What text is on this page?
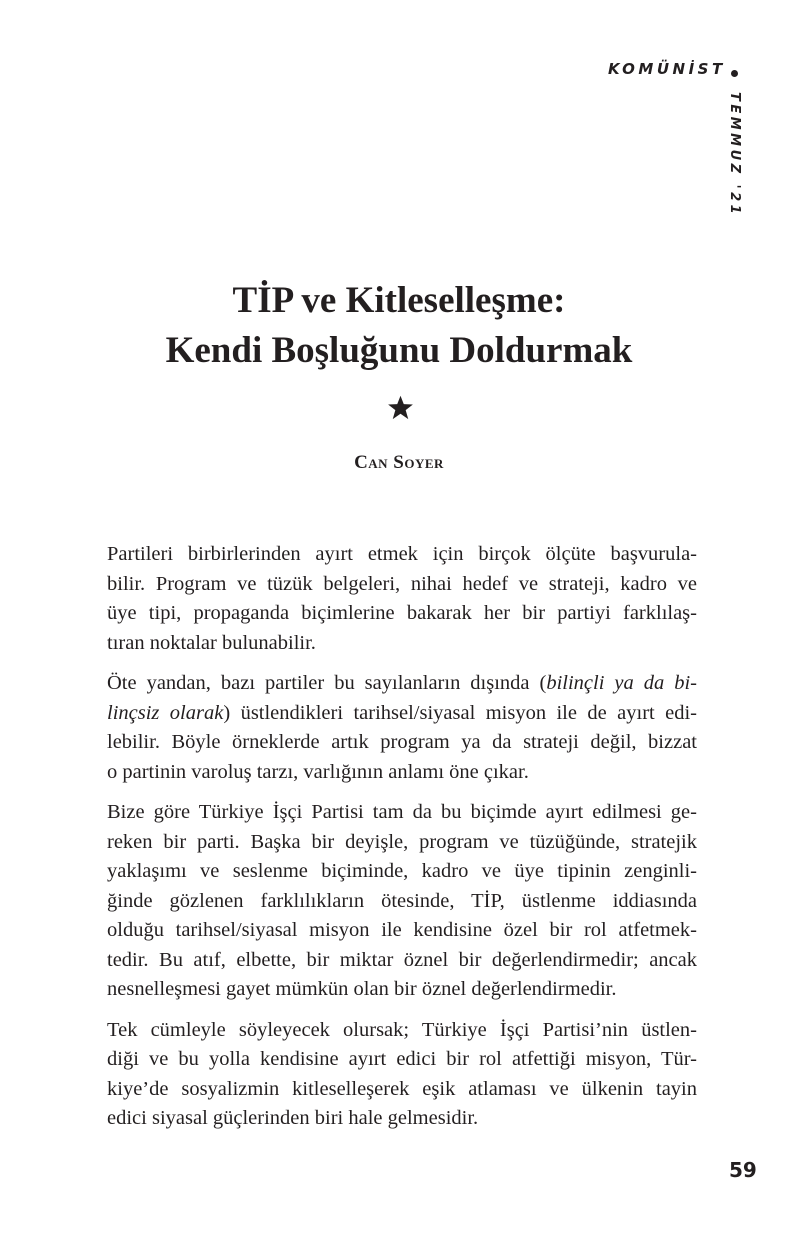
KOMÜNİST
TEMMUZ '21
TİP ve Kitleselleşme:
Kendi Boşluğunu Doldurmak
Can Soyer
Partileri birbirlerinden ayırt etmek için birçok ölçüte başvurula-
bilir. Program ve tüzük belgeleri, nihai hedef ve strateji, kadro ve
üye tipi, propaganda biçimlerine bakarak her bir partiyi farklılaş-
tıran noktalar bulunabilir.
Öte yandan, bazı partiler bu sayılanların dışında (bilinçli ya da bi-
linçsiz olarak) üstlendikleri tarihsel/siyasal misyon ile de ayırt edi-
lebilir. Böyle örneklerde artık program ya da strateji değil, bizzat
o partinin varoluş tarzı, varlığının anlamı öne çıkar.
Bize göre Türkiye İşçi Partisi tam da bu biçimde ayırt edilmesi ge-
reken bir parti. Başka bir deyişle, program ve tüzüğünde, stratejik
yaklaşımı ve seslenme biçiminde, kadro ve üye tipinin zenginli-
ğinde gözlenen farklılıkların ötesinde, TİP, üstlenme iddiasında
olduğu tarihsel/siyasal misyon ile kendisine özel bir rol atfetmek-
tedir. Bu atıf, elbette, bir miktar öznel bir değerlendirmedir; ancak
nesnelleşmesi gayet mümkün olan bir öznel değerlendirmedir.
Tek cümleyle söyleyecek olursak; Türkiye İşçi Partisi’nin üstlen-
diği ve bu yolla kendisine ayırt edici bir rol atfettiği misyon, Tür-
kiye’de sosyalizmin kitleselleşerek eşik atlaması ve ülkenin tayin
edici siyasal güçlerinden biri hale gelmesidir.
59
